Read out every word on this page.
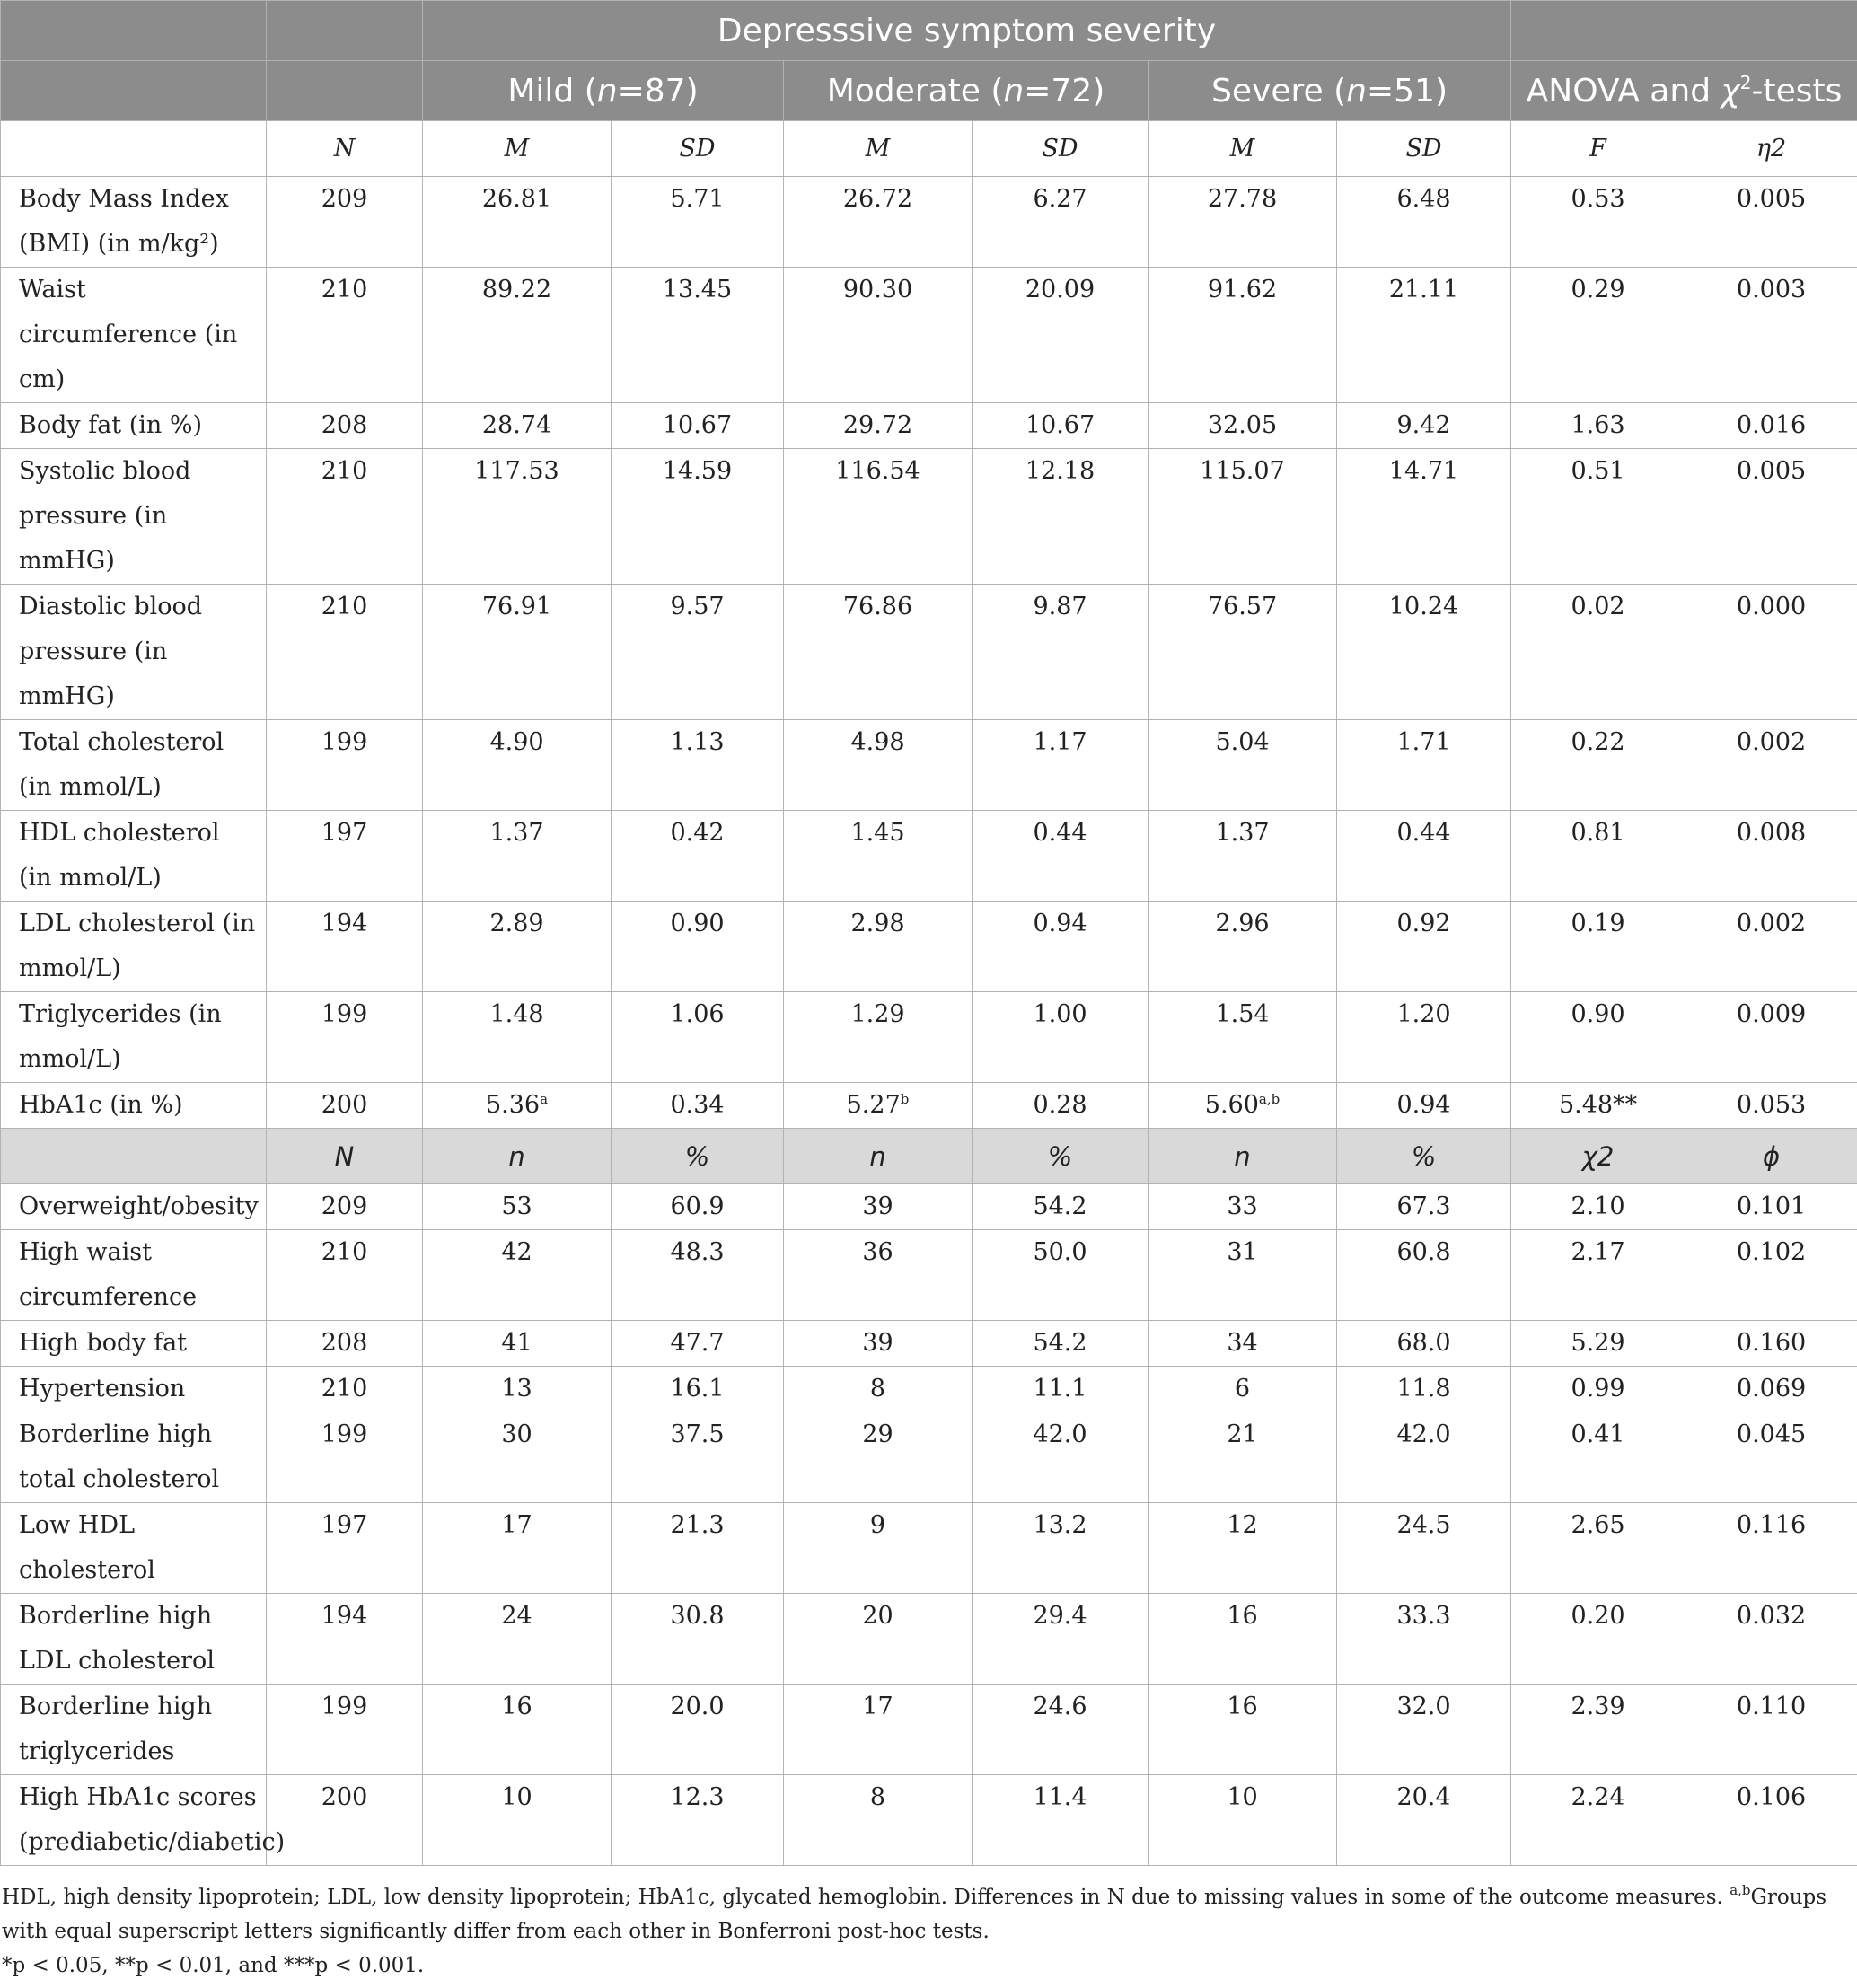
		Depresssive symptom severity							
		Mild (n=87)		Moderate (n=72)		Severe (n=51)		ANOVA and $\chi^2$-tests	
	N	M	SD	M	SD	M	SD	F	η2
Body Mass Index (BMI) (in m/kg²)	209	26.81	5.71	26.72	6.27	27.78	6.48	0.53	0.005
Waist circumference (in cm)	210	89.22	13.45	90.30	20.09	91.62	21.11	0.29	0.003
Body fat (in %)	208	28.74	10.67	29.72	10.67	32.05	9.42	1.63	0.016
Systolic blood pressure (in mmHG)	210	117.53	14.59	116.54	12.18	115.07	14.71	0.51	0.005
Diastolic blood pressure (in mmHG)	210	76.91	9.57	76.86	9.87	76.57	10.24	0.02	0.000
Total cholesterol (in mmol/L)	199	4.90	1.13	4.98	1.17	5.04	1.71	0.22	0.002
HDL cholesterol (in mmol/L)	197	1.37	0.42	1.45	0.44	1.37	0.44	0.81	0.008
LDL cholesterol (in mmol/L)	194	2.89	0.90	2.98	0.94	2.96	0.92	0.19	0.002
Triglycerides (in mmol/L)	199	1.48	1.06	1.29	1.00	1.54	1.20	0.90	0.009
HbA1c (in %)	200	5.36$^a$	0.34	5.27$^b$	0.28	5.60$^{a,b}$	0.94	5.48**	0.053
	N	n	%	n	%	n	%	χ2	ϕ
Overweight/obesity	209	53	60.9	39	54.2	33	67.3	2.10	0.101
High waist circumference	210	42	48.3	36	50.0	31	60.8	2.17	0.102
High body fat	208	41	47.7	39	54.2	34	68.0	5.29	0.160
Hypertension	210	13	16.1	8	11.1	6	11.8	0.99	0.069
Borderline high total cholesterol	199	30	37.5	29	42.0	21	42.0	0.41	0.045
Low HDL cholesterol	197	17	21.3	9	13.2	12	24.5	2.65	0.116
Borderline high LDL cholesterol	194	24	30.8	20	29.4	16	33.3	0.20	0.032
Borderline high triglycerides	199	16	20.0	17	24.6	16	32.0	2.39	0.110
High HbA1c scores (prediabetic/diabetic)	200	10	12.3	8	11.4	10	20.4	2.24	0.106

HDL, high density lipoprotein; LDL, low density lipoprotein; HbA1c, glycated hemoglobin. Differences in N due to missing values in some of the outcome measures. $^{a,b}$Groups with equal superscript letters significantly differ from each other in Bonferroni post-hoc tests.

*p < 0.05, **p < 0.01, and ***p < 0.001.
